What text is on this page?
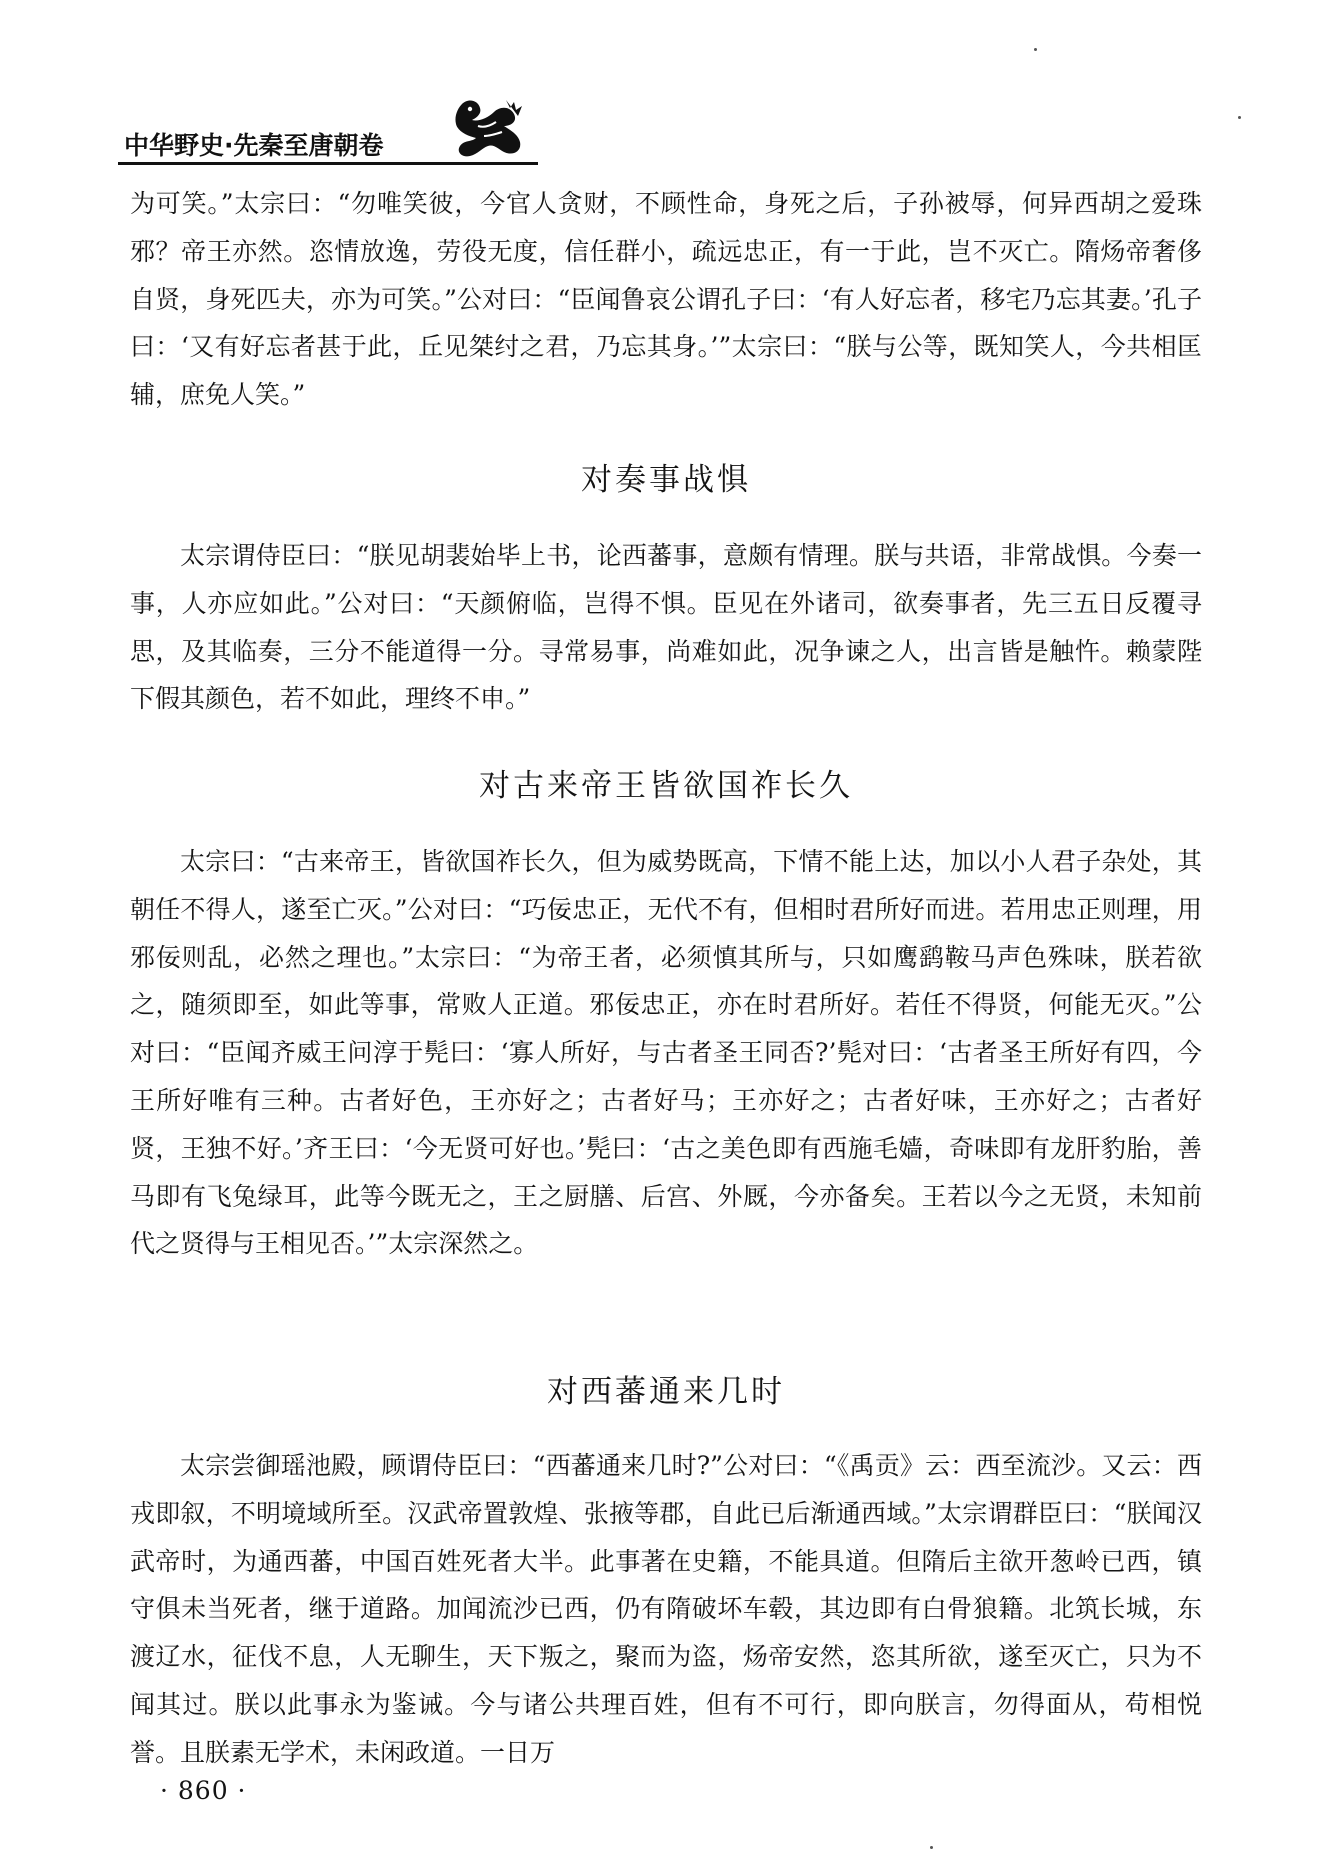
中华野史·先秦至唐朝卷

为可笑。”太宗曰：“勿唯笑彼，今官人贪财，不顾性命，身死之后，子孙被辱，何异西胡之爱珠邪？帝王亦然。恣情放逸，劳役无度，信任群小，疏远忠正，有一于此，岂不灭亡。隋炀帝奢侈自贤，身死匹夫，亦为可笑。”公对曰：“臣闻鲁哀公谓孔子曰：‘有人好忘者，移宅乃忘其妻。’孔子曰：‘又有好忘者甚于此，丘见桀纣之君，乃忘其身。’”太宗曰：“朕与公等，既知笑人，今共相匡辅，庶免人笑。”

对奏事战惧

太宗谓侍臣曰：“朕见胡裴始毕上书，论西蕃事，意颇有情理。朕与共语，非常战惧。今奏一事，人亦应如此。”公对曰：“天颜俯临，岂得不惧。臣见在外诸司，欲奏事者，先三五日反覆寻思，及其临奏，三分不能道得一分。寻常易事，尚难如此，况争谏之人，出言皆是触忤。赖蒙陛下假其颜色，若不如此，理终不申。”

对古来帝王皆欲国祚长久

太宗曰：“古来帝王，皆欲国祚长久，但为威势既高，下情不能上达，加以小人君子杂处，其朝任不得人，遂至亡灭。”公对曰：“巧佞忠正，无代不有，但相时君所好而进。若用忠正则理，用邪佞则乱，必然之理也。”太宗曰：“为帝王者，必须慎其所与，只如鹰鹞鞍马声色殊味，朕若欲之，随须即至，如此等事，常败人正道。邪佞忠正，亦在时君所好。若任不得贤，何能无灭。”公对曰：“臣闻齐威王问淳于髡曰：‘寡人所好，与古者圣王同否?’髡对曰：‘古者圣王所好有四，今王所好唯有三种。古者好色，王亦好之；古者好马；王亦好之；古者好味，王亦好之；古者好贤，王独不好。’齐王曰：‘今无贤可好也。’髡曰：‘古之美色即有西施毛嫱，奇味即有龙肝豹胎，善马即有飞兔绿耳，此等今既无之，王之厨膳、后宫、外厩，今亦备矣。王若以今之无贤，未知前代之贤得与王相见否。’”太宗深然之。

对西蕃通来几时

太宗尝御瑶池殿，顾谓侍臣曰：“西蕃通来几时?”公对曰：“《禹贡》云：西至流沙。又云：西戎即叙，不明境域所至。汉武帝置敦煌、张掖等郡，自此已后渐通西域。”太宗谓群臣曰：“朕闻汉武帝时，为通西蕃，中国百姓死者大半。此事著在史籍，不能具道。但隋后主欲开葱岭已西，镇守俱未当死者，继于道路。加闻流沙已西，仍有隋破坏车毂，其边即有白骨狼籍。北筑长城，东渡辽水，征伐不息，人无聊生，天下叛之，聚而为盗，炀帝安然，恣其所欲，遂至灭亡，只为不闻其过。朕以此事永为鉴诫。今与诸公共理百姓，但有不可行，即向朕言，勿得面从，苟相悦誉。且朕素无学术，未闲政道。一日万

· 860 ·
